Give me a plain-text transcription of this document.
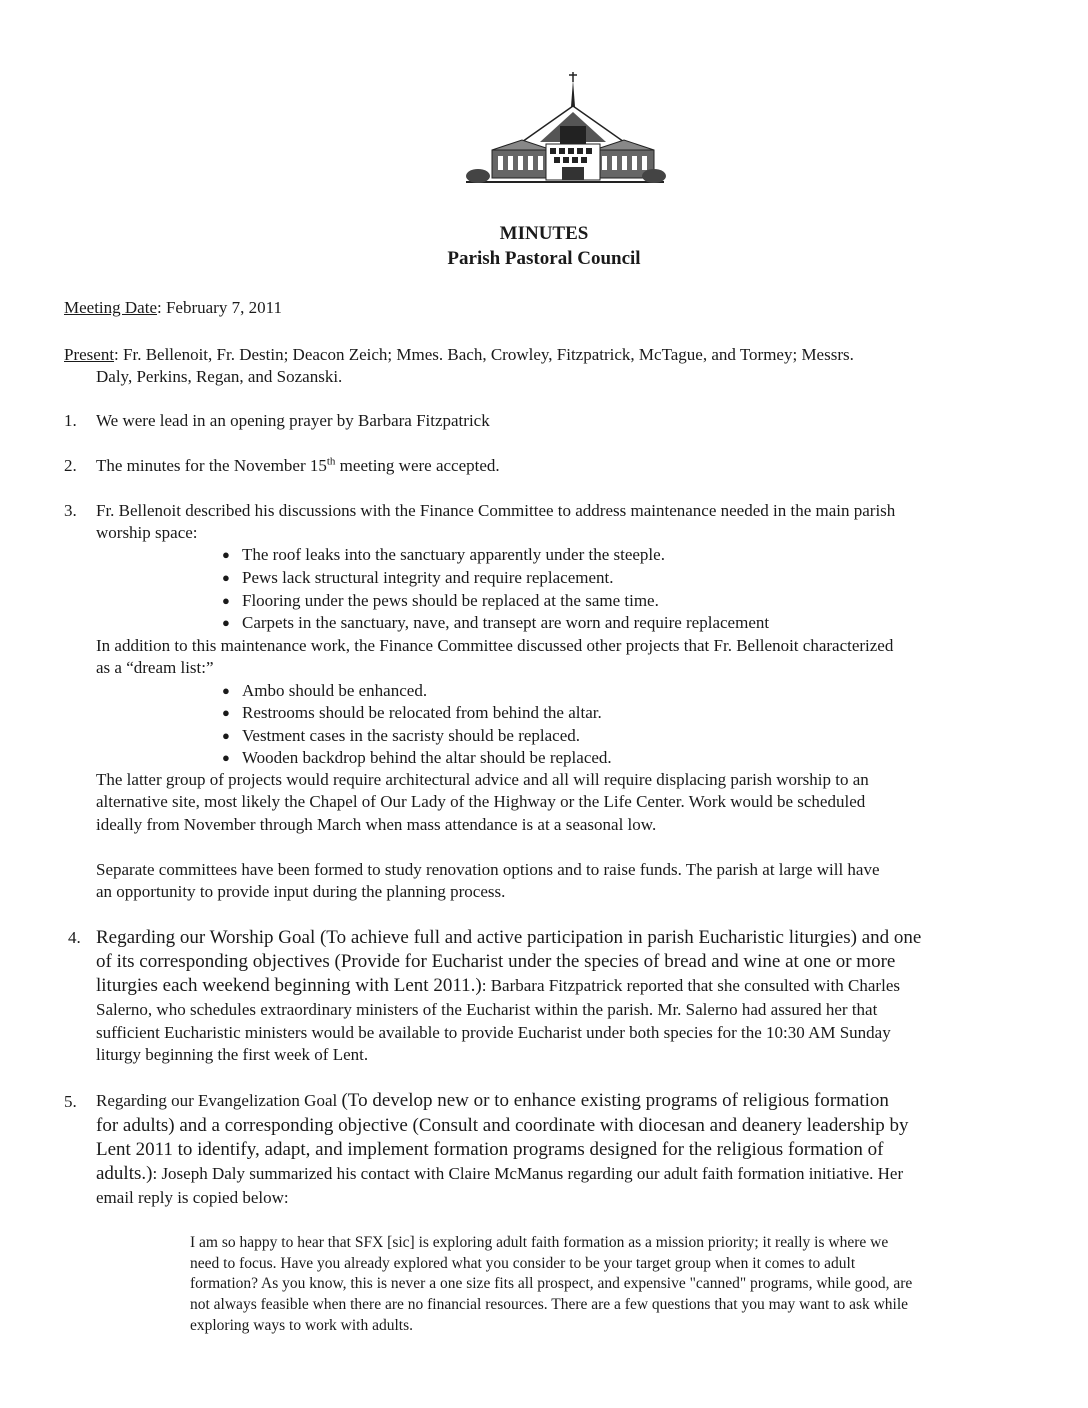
MINUTES
Parish Pastoral Council
Meeting Date: February 7, 2011
Present: Fr. Bellenoit, Fr. Destin; Deacon Zeich; Mmes. Bach, Crowley, Fitzpatrick, McTague, and Tormey; Messrs.
Daly, Perkins, Regan, and Sozanski.
1. We were lead in an opening prayer by Barbara Fitzpatrick
2. The minutes for the November 15th meeting were accepted.
3. Fr. Bellenoit described his discussions with the Finance Committee to address maintenance needed in the main parish
worship space:
● The roof leaks into the sanctuary apparently under the steeple.
● Pews lack structural integrity and require replacement.
● Flooring under the pews should be replaced at the same time.
● Carpets in the sanctuary, nave, and transept are worn and require replacement
In addition to this maintenance work, the Finance Committee discussed other projects that Fr. Bellenoit characterized
as a “dream list:”
● Ambo should be enhanced.
● Restrooms should be relocated from behind the altar.
● Vestment cases in the sacristy should be replaced.
● Wooden backdrop behind the altar should be replaced.
The latter group of projects would require architectural advice and all will require displacing parish worship to an
alternative site, most likely the Chapel of Our Lady of the Highway or the Life Center. Work would be scheduled
ideally from November through March when mass attendance is at a seasonal low.
Separate committees have been formed to study renovation options and to raise funds. The parish at large will have
an opportunity to provide input during the planning process.
4. Regarding our Worship Goal (To achieve full and active participation in parish Eucharistic liturgies) and one
of its corresponding objectives (Provide for Eucharist under the species of bread and wine at one or more
liturgies each weekend beginning with Lent 2011.): Barbara Fitzpatrick reported that she consulted with Charles
Salerno, who schedules extraordinary ministers of the Eucharist within the parish. Mr. Salerno had assured her that
sufficient Eucharistic ministers would be available to provide Eucharist under both species for the 10:30 AM Sunday
liturgy beginning the first week of Lent.
5. Regarding our Evangelization Goal (To develop new or to enhance existing programs of religious formation
for adults) and a corresponding objective (Consult and coordinate with diocesan and deanery leadership by
Lent 2011 to identify, adapt, and implement formation programs designed for the religious formation of
adults.): Joseph Daly summarized his contact with Claire McManus regarding our adult faith formation initiative. Her
email reply is copied below:
I am so happy to hear that SFX [sic] is exploring adult faith formation as a mission priority; it really is where we
need to focus. Have you already explored what you consider to be your target group when it comes to adult
formation? As you know, this is never a one size fits all prospect, and expensive "canned" programs, while good, are
not always feasible when there are no financial resources. There are a few questions that you may want to ask while
exploring ways to work with adults.
